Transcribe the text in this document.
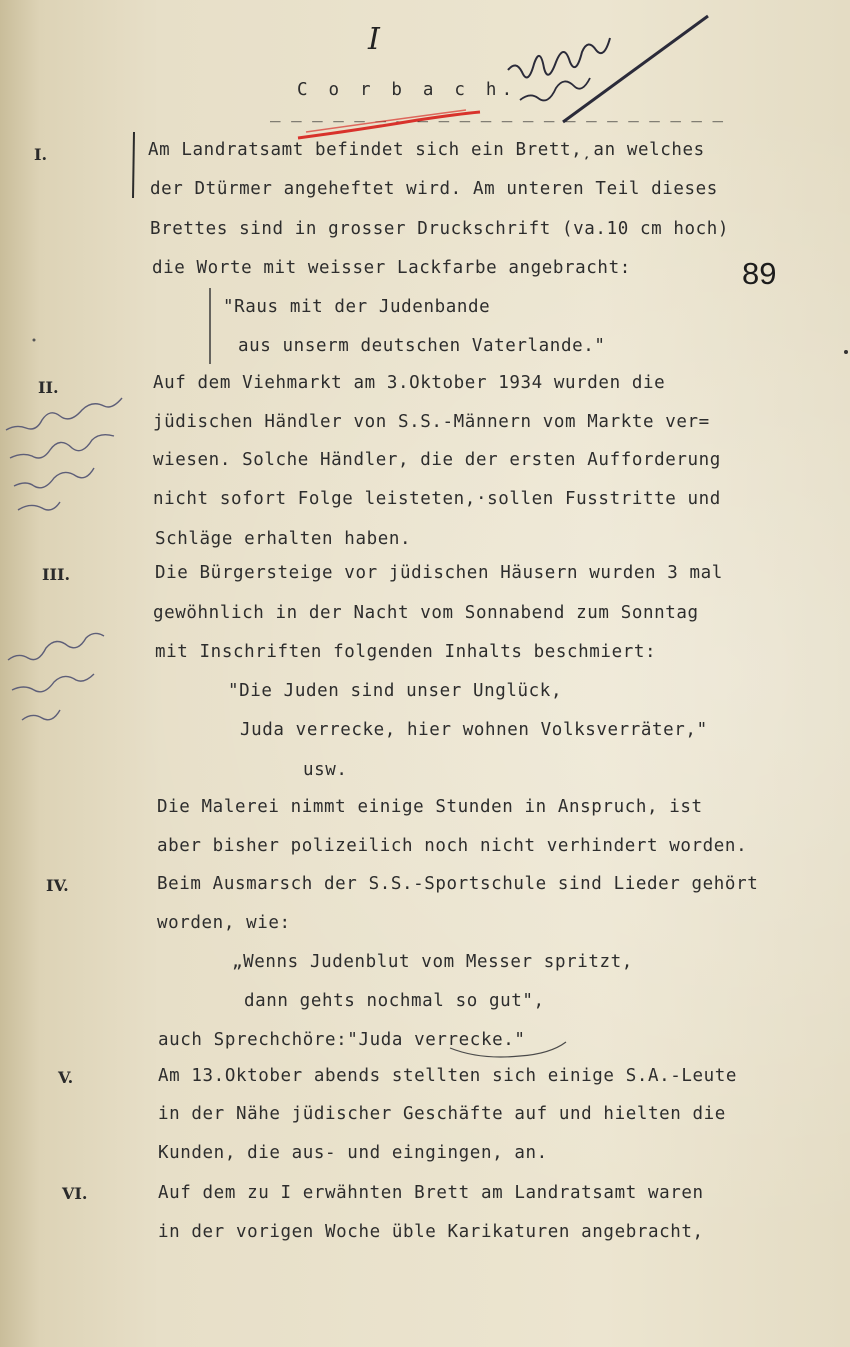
I
C o r b a c h.
_ _ _ _ _ _ _ _ _ _ _ _ _ _ _ _ _ _ _ _ _ _
89
I.
II.
III.
IV.
V.
VI.
Am Landratsamt befindet sich ein Brett,̦ an welches
der Dtürmer angeheftet wird. Am unteren Teil dieses
Brettes sind in grosser Druckschrift (va.10 cm hoch)
die Worte mit weisser Lackfarbe angebracht:
"Raus mit der Judenbande
aus unserm deutschen Vaterlande."
Auf dem Viehmarkt am 3.Oktober 1934 wurden die
jüdischen Händler von S.S.-Männern vom Markte ver=
wiesen. Solche Händler, die der ersten Aufforderung
nicht sofort Folge leisteten,·sollen Fusstritte und
Schläge erhalten haben.
Die Bürgersteige vor jüdischen Häusern wurden 3 mal
gewöhnlich in der Nacht vom Sonnabend zum Sonntag
mit Inschriften folgenden Inhalts beschmiert:
"Die Juden sind unser Unglück,
Juda verrecke, hier wohnen Volksverräter,"
usw.
Die Malerei nimmt einige Stunden in Anspruch, ist
aber bisher polizeilich noch nicht verhindert worden.
Beim Ausmarsch der S.S.-Sportschule sind Lieder gehört
worden, wie:
„Wenns Judenblut vom Messer spritzt,
dann gehts nochmal so gut",
auch Sprechchöre:"Juda verrecke."
Am 13.Oktober abends stellten sich einige S.A.-Leute
in der Nähe jüdischer Geschäfte auf und hielten die
Kunden, die aus- und eingingen, an.
Auf dem zu I erwähnten Brett am Landratsamt waren
in der vorigen Woche üble Karikaturen angebracht,
